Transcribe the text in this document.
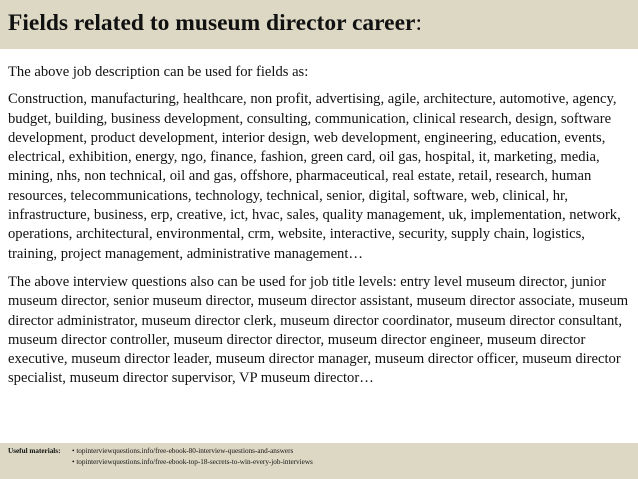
Fields related to museum director career:

The above job description can be used for fields as:

Construction, manufacturing, healthcare, non profit, advertising, agile, architecture, automotive, agency, budget, building, business development, consulting, communication, clinical research, design, software development, product development, interior design, web development, engineering, education, events, electrical, exhibition, energy, ngo, finance, fashion, green card, oil gas, hospital, it, marketing, media, mining, nhs, non technical, oil and gas, offshore, pharmaceutical, real estate, retail, research, human resources, telecommunications, technology, technical, senior, digital, software, web, clinical, hr, infrastructure, business, erp, creative, ict, hvac, sales, quality management, uk, implementation, network, operations, architectural, environmental, crm, website, interactive, security, supply chain, logistics, training, project management, administrative management…

The above interview questions also can be used for job title levels: entry level museum director, junior museum director, senior museum director, museum director assistant, museum director associate, museum director administrator, museum director clerk, museum director coordinator, museum director consultant, museum director controller, museum director director, museum director engineer, museum director executive, museum director leader, museum director manager, museum director officer, museum director specialist, museum director supervisor, VP museum director…

Useful materials:	• topinterviewquestions.info/free-ebook-80-interview-questions-and-answers
• topinterviewquestions.info/free-ebook-top-18-secrets-to-win-every-job-interviews
